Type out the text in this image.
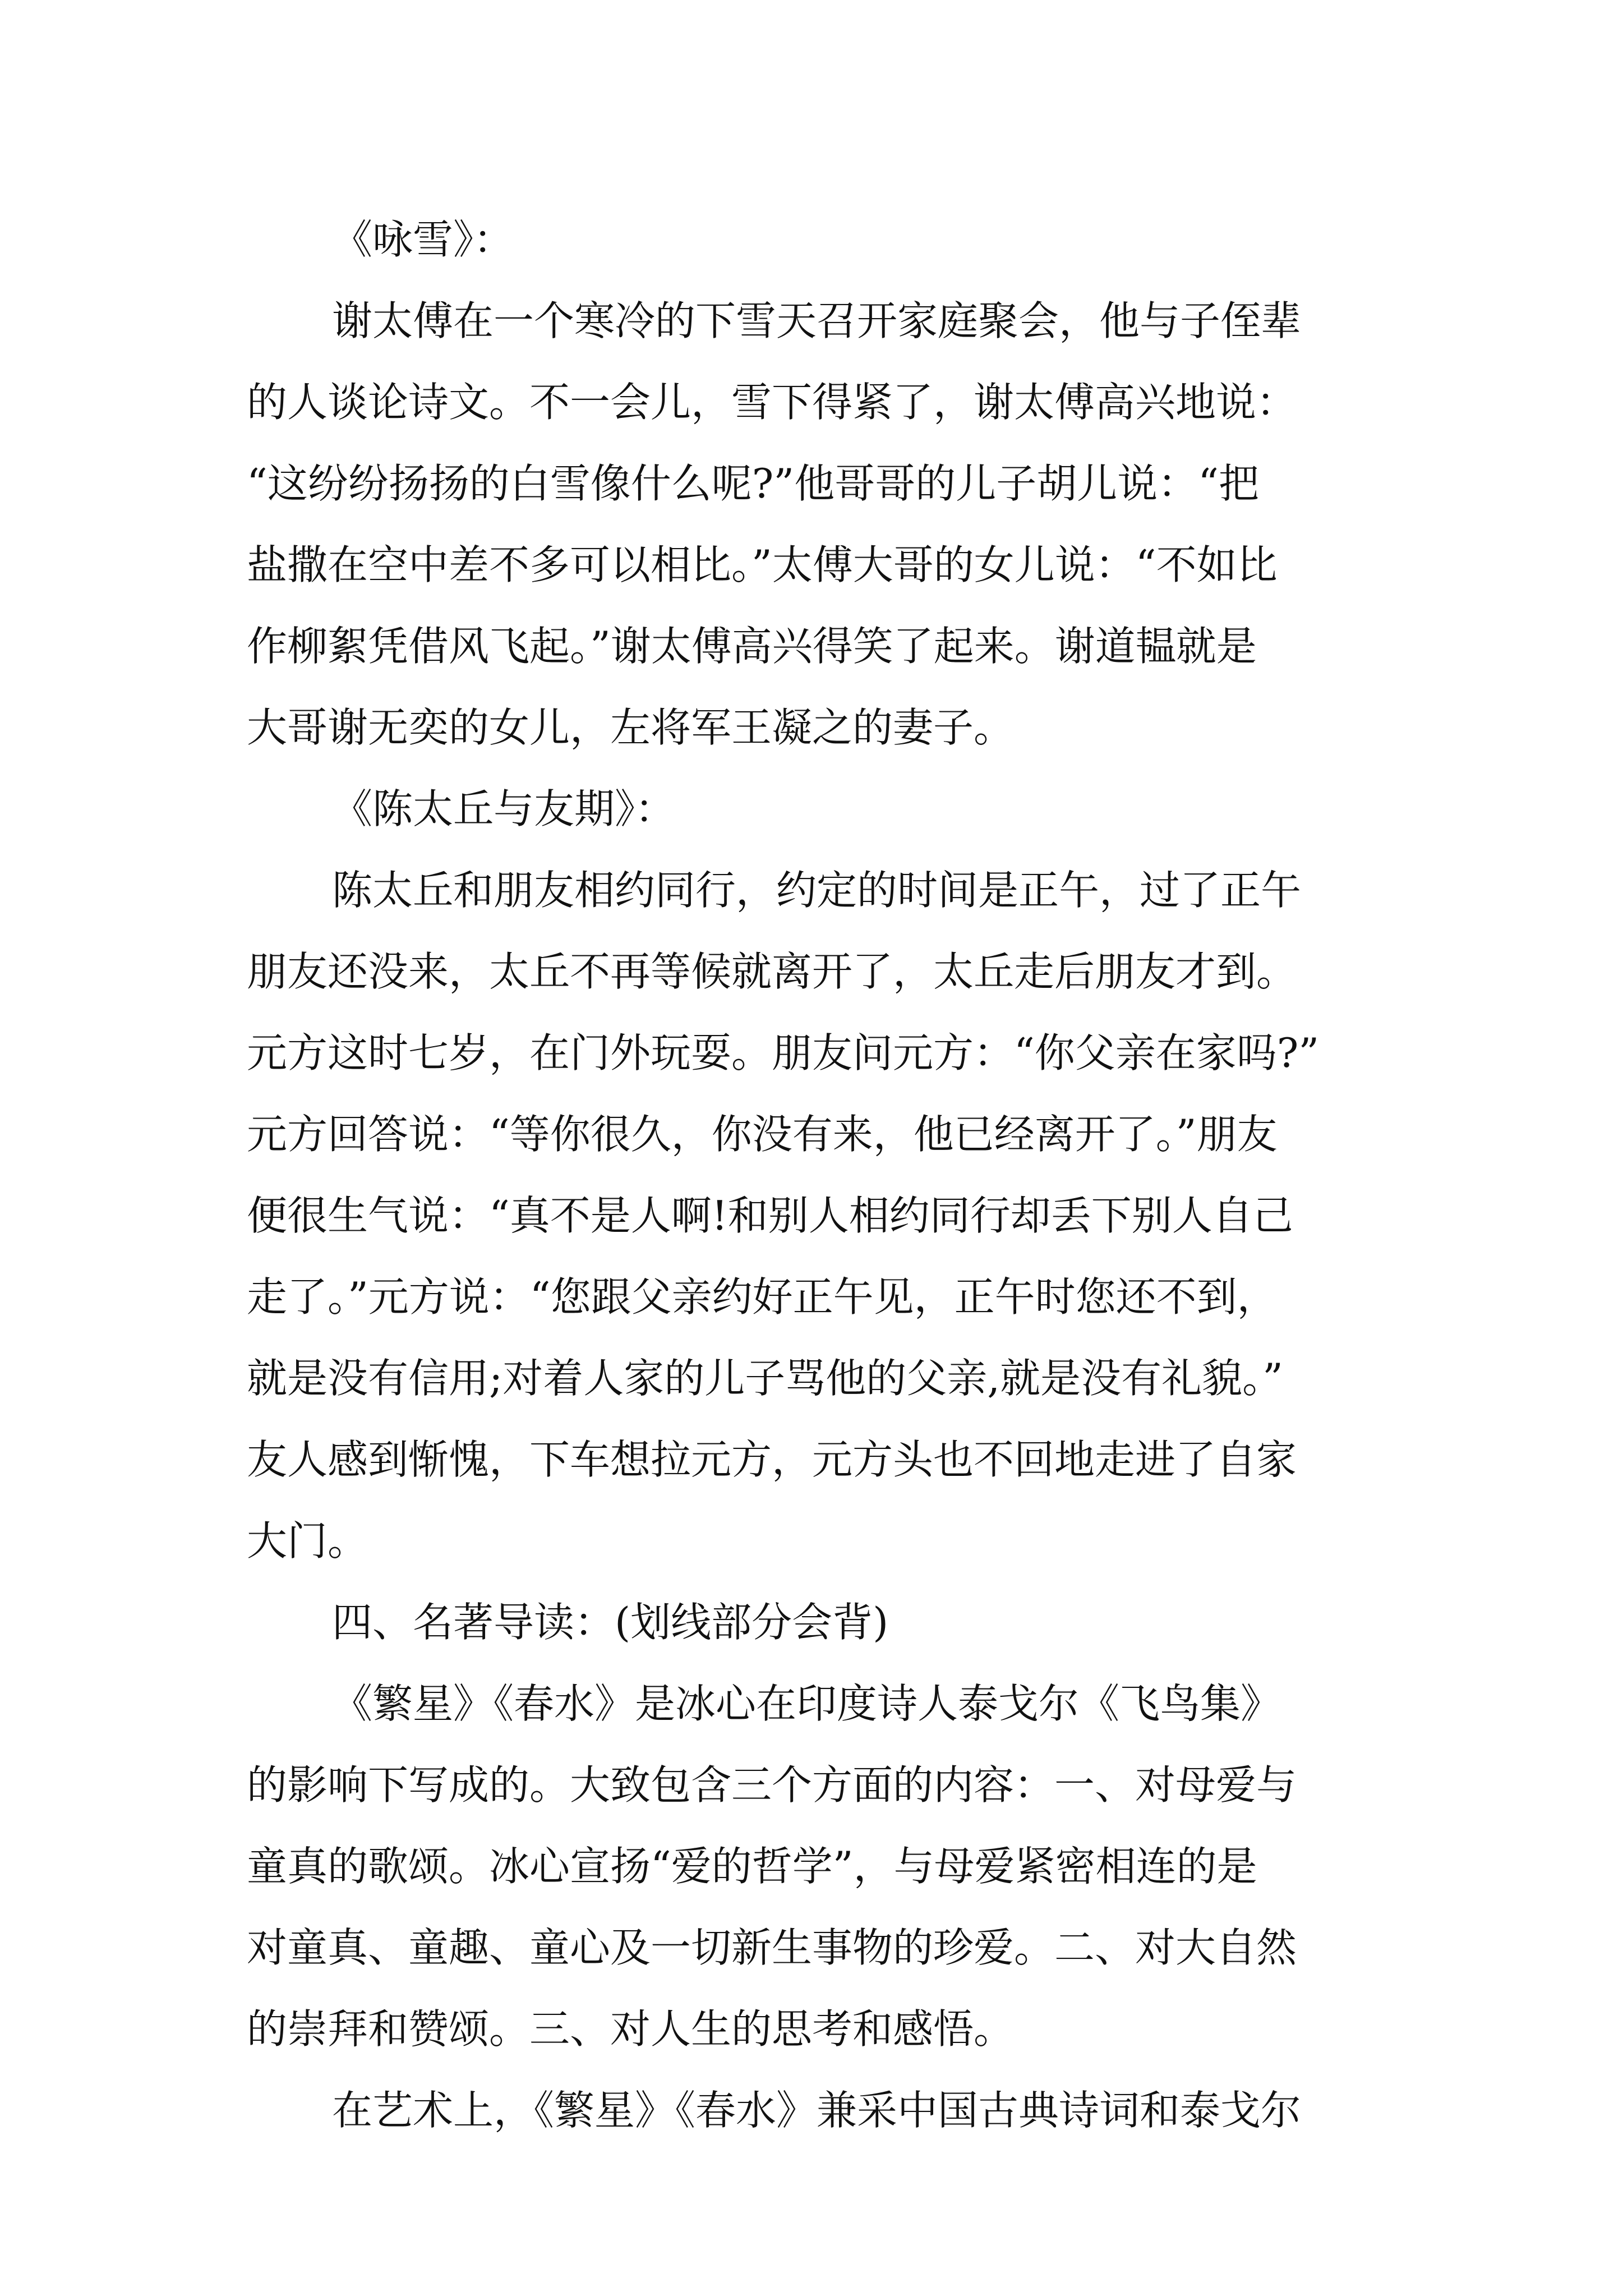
《咏雪》：

谢太傅在一个寒冷的下雪天召开家庭聚会，他与子侄辈
的人谈论诗文。不一会儿，雪下得紧了，谢太傅高兴地说：
“这纷纷扬扬的白雪像什么呢?”他哥哥的儿子胡儿说：“把
盐撒在空中差不多可以相比。”太傅大哥的女儿说：“不如比
作柳絮凭借风飞起。”谢太傅高兴得笑了起来。谢道韫就是
大哥谢无奕的女儿，左将军王凝之的妻子。

《陈太丘与友期》：

陈太丘和朋友相约同行，约定的时间是正午，过了正午
朋友还没来，太丘不再等候就离开了，太丘走后朋友才到。
元方这时七岁，在门外玩耍。朋友问元方：“你父亲在家吗?”
元方回答说：“等你很久，你没有来，他已经离开了。”朋友
便很生气说：“真不是人啊!和别人相约同行却丢下别人自己
走了。”元方说：“您跟父亲约好正午见，正午时您还不到，
就是没有信用;对着人家的儿子骂他的父亲,就是没有礼貌。”
友人感到惭愧，下车想拉元方，元方头也不回地走进了自家
大门。

四、名著导读：(划线部分会背)

《繁星》《春水》是冰心在印度诗人泰戈尔《飞鸟集》
的影响下写成的。大致包含三个方面的内容：一、对母爱与
童真的歌颂。冰心宣扬“爱的哲学”，与母爱紧密相连的是
对童真、童趣、童心及一切新生事物的珍爱。二、对大自然
的崇拜和赞颂。三、对人生的思考和感悟。

在艺术上，《繁星》《春水》兼采中国古典诗词和泰戈尔
